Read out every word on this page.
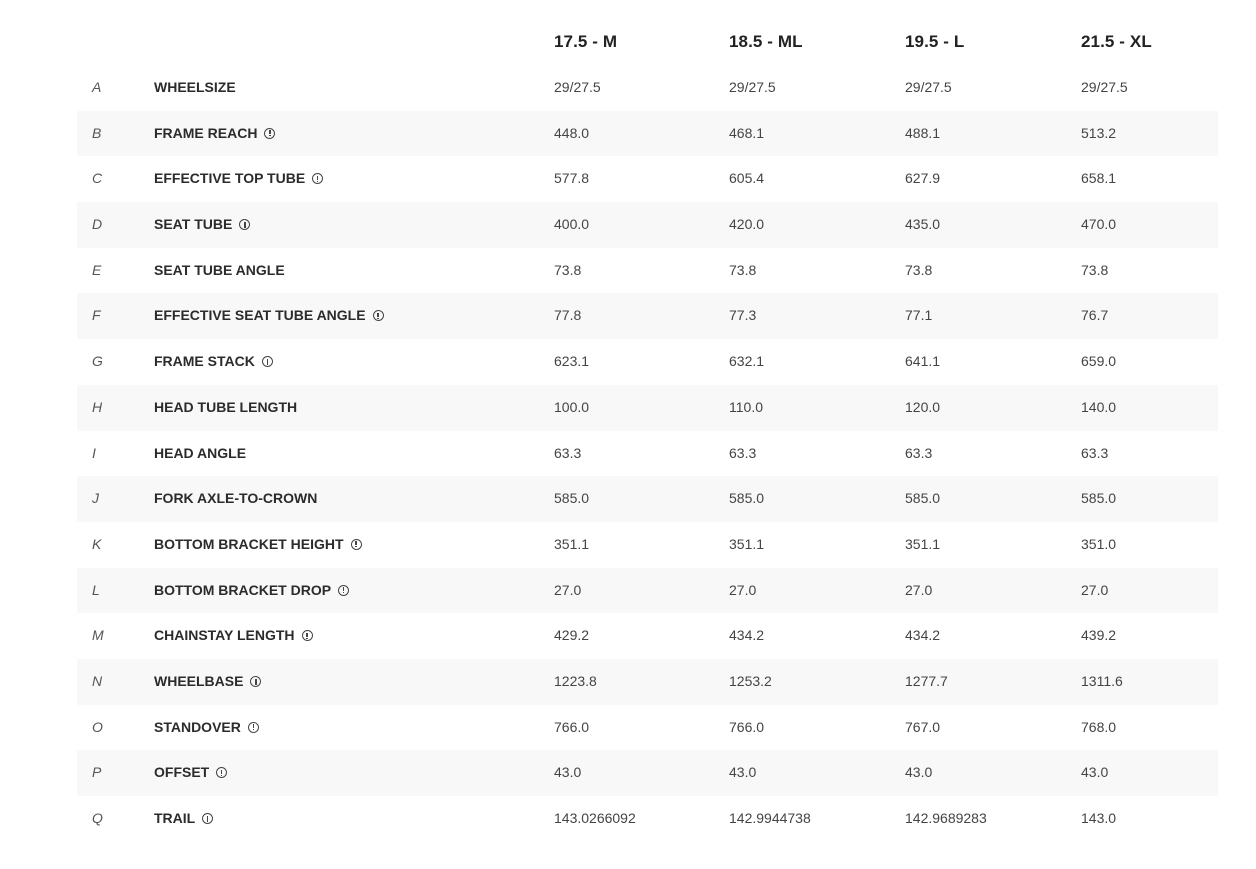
17.5 - M	18.5 - ML	19.5 - L	21.5 - XL
A	WHEELSIZE	29/27.5	29/27.5	29/27.5	29/27.5
B	FRAME REACH	448.0	468.1	488.1	513.2
C	EFFECTIVE TOP TUBE	577.8	605.4	627.9	658.1
D	SEAT TUBE	400.0	420.0	435.0	470.0
E	SEAT TUBE ANGLE	73.8	73.8	73.8	73.8
F	EFFECTIVE SEAT TUBE ANGLE	77.8	77.3	77.1	76.7
G	FRAME STACK	623.1	632.1	641.1	659.0
H	HEAD TUBE LENGTH	100.0	110.0	120.0	140.0
I	HEAD ANGLE	63.3	63.3	63.3	63.3
J	FORK AXLE-TO-CROWN	585.0	585.0	585.0	585.0
K	BOTTOM BRACKET HEIGHT	351.1	351.1	351.1	351.0
L	BOTTOM BRACKET DROP	27.0	27.0	27.0	27.0
M	CHAINSTAY LENGTH	429.2	434.2	434.2	439.2
N	WHEELBASE	1223.8	1253.2	1277.7	1311.6
O	STANDOVER	766.0	766.0	767.0	768.0
P	OFFSET	43.0	43.0	43.0	43.0
Q	TRAIL	143.0266092	142.9944738	142.9689283	143.0
